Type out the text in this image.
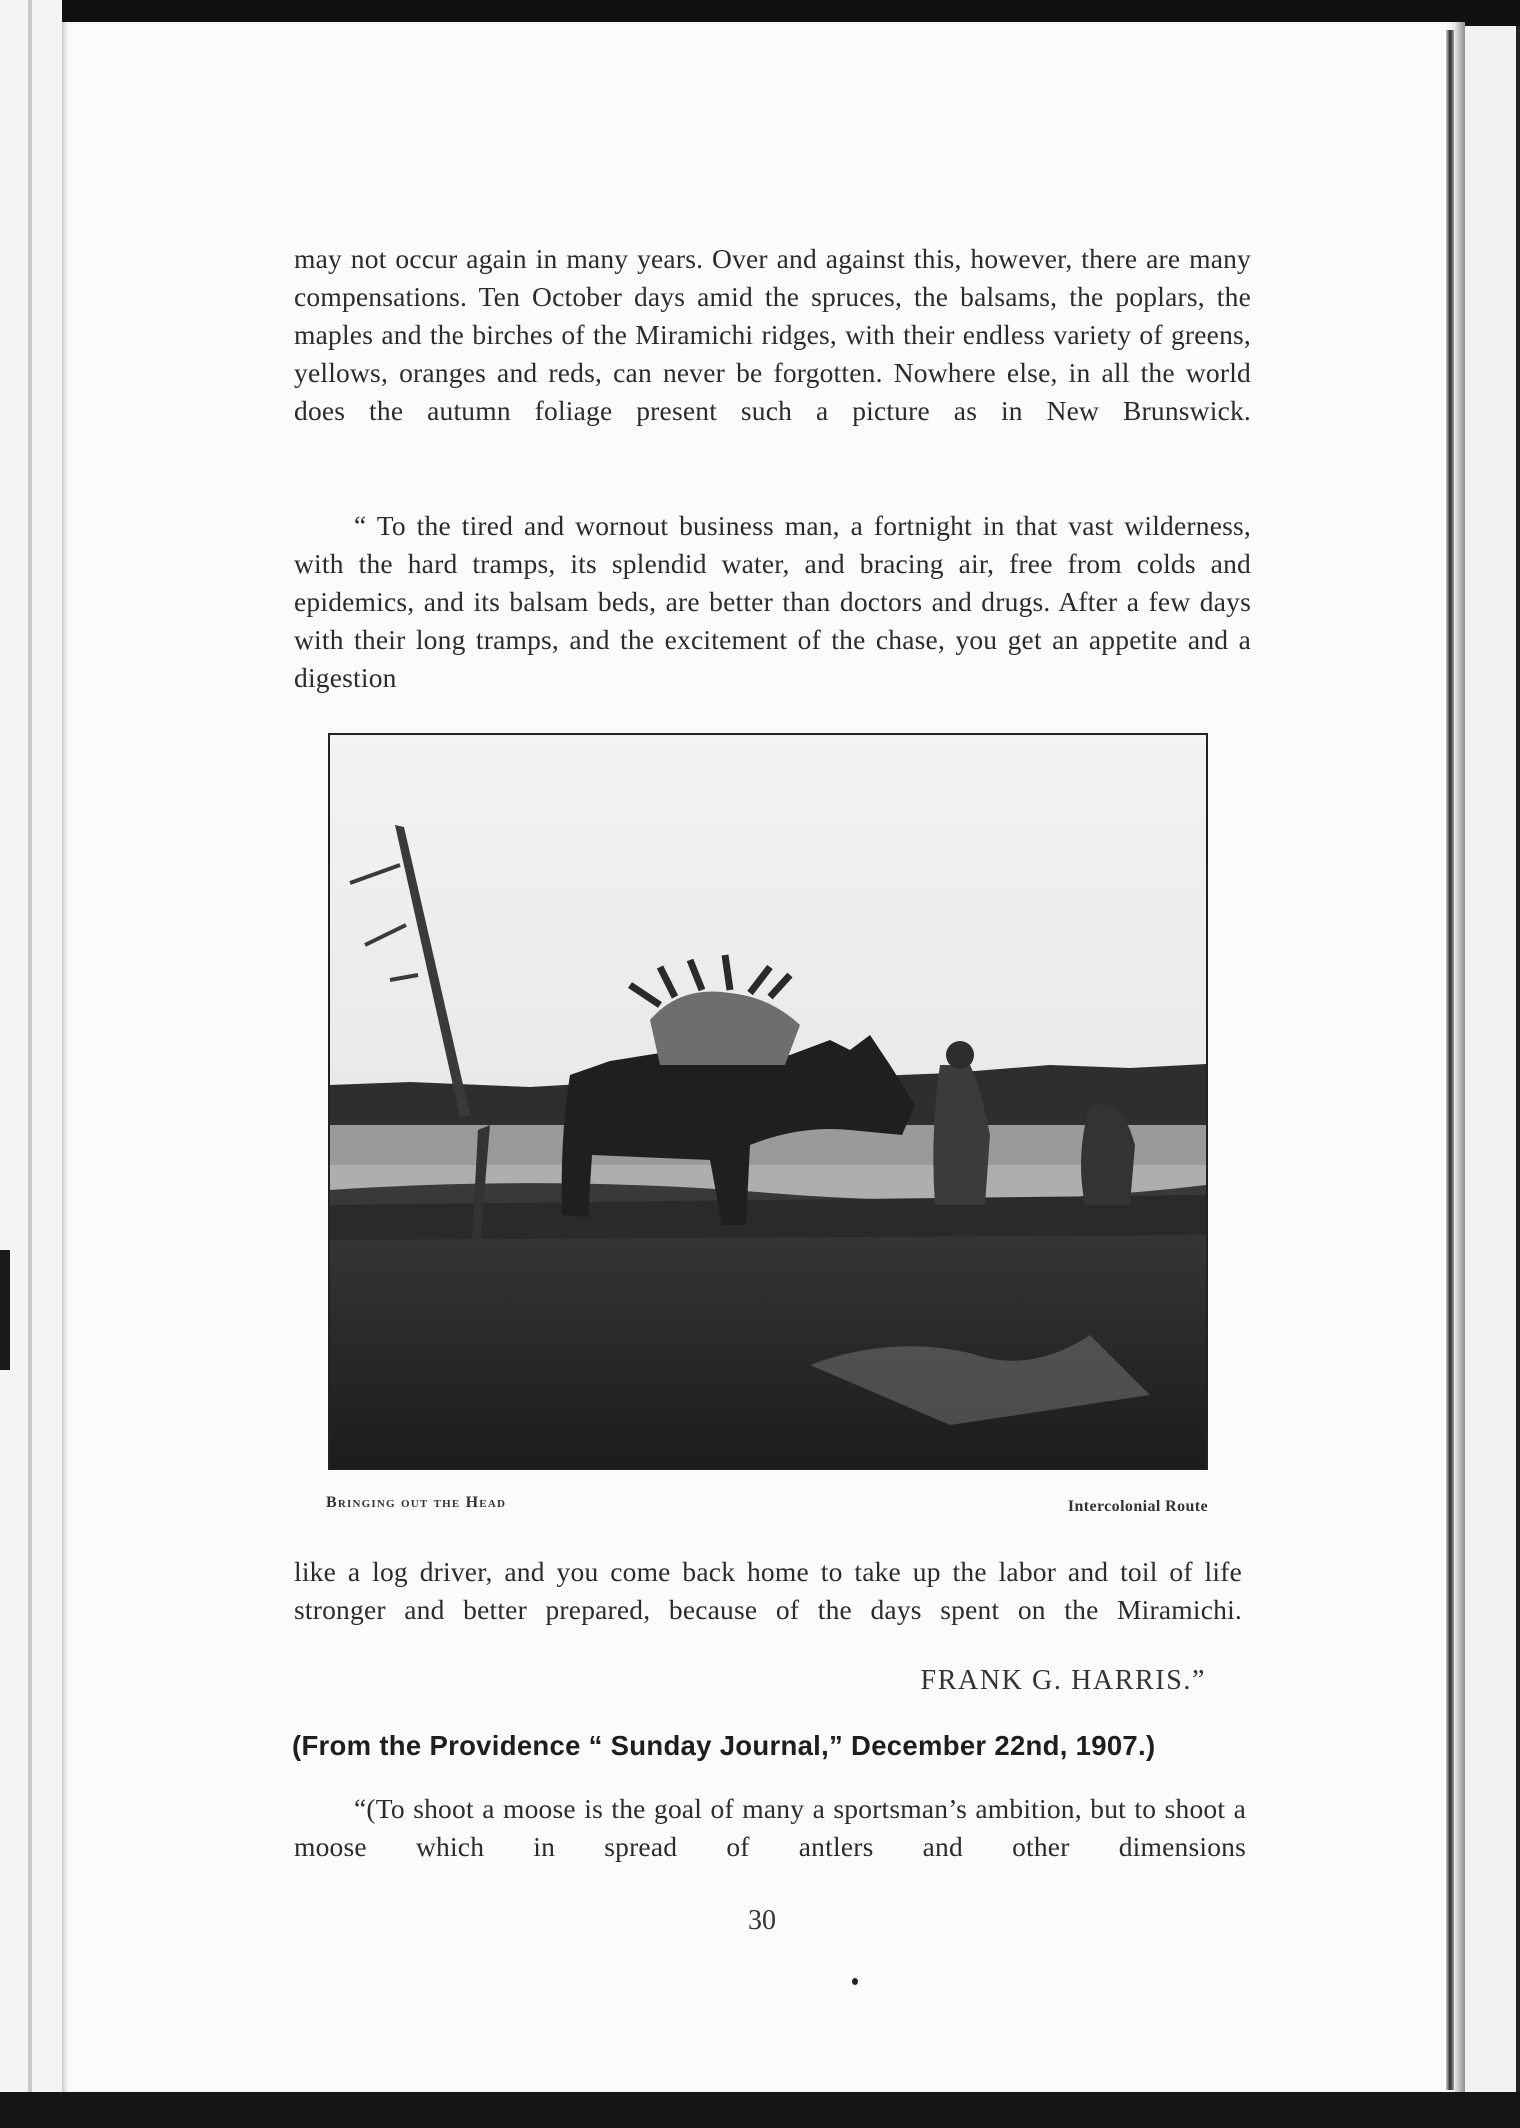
may not occur again in many years. Over and against this, however, there are many compensations. Ten October days amid the spruces, the balsams, the poplars, the maples and the birches of the Miramichi ridges, with their endless variety of greens, yellows, oranges and reds, can never be forgotten. Nowhere else, in all the world does the autumn foliage present such a picture as in New Brunswick.
“ To the tired and wornout business man, a fortnight in that vast wilderness, with the hard tramps, its splendid water, and bracing air, free from colds and epidemics, and its balsam beds, are better than doctors and drugs. After a few days with their long tramps, and the excitement of the chase, you get an appetite and a digestion
Bringing out the Head	Intercolonial Route
like a log driver, and you come back home to take up the labor and toil of life stronger and better prepared, because of the days spent on the Miramichi.
FRANK G. HARRIS.”
(From the Providence “ Sunday Journal,” December 22nd, 1907.)
“(To shoot a moose is the goal of many a sportsman’s ambition, but to shoot a moose which in spread of antlers and other dimensions
30
